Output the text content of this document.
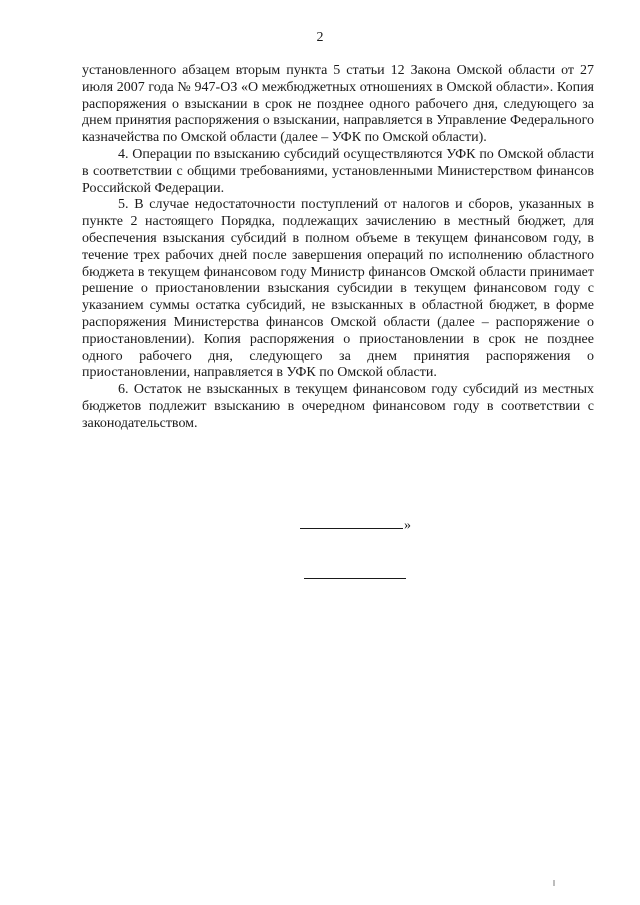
2

установленного абзацем вторым пункта 5 статьи 12 Закона Омской области от 27 июля 2007 года № 947-ОЗ «О межбюджетных отношениях в Омской области». Копия распоряжения о взыскании в срок не позднее одного рабочего дня, следующего за днем принятия распоряжения о взыскании, направляется в Управление Федерального казначейства по Омской области (далее – УФК по Омской области).

4. Операции по взысканию субсидий осуществляются УФК по Омской области в соответствии с общими требованиями, установленными Министерством финансов Российской Федерации.

5. В случае недостаточности поступлений от налогов и сборов, указанных в пункте 2 настоящего Порядка, подлежащих зачислению в местный бюджет, для обеспечения взыскания субсидий в полном объеме в текущем финансовом году, в течение трех рабочих дней после завершения операций по исполнению областного бюджета в текущем финансовом году Министр финансов Омской области принимает решение о приостановлении взыскания субсидии в текущем финансовом году с указанием суммы остатка субсидий, не взысканных в областной бюджет, в форме распоряжения Министерства финансов Омской области (далее – распоряжение о приостановлении). Копия распоряжения о приостановлении в срок не позднее одного рабочего дня, следующего за днем принятия распоряжения о приостановлении, направляется в УФК по Омской области.

6. Остаток не взысканных в текущем финансовом году субсидий из местных бюджетов подлежит взысканию в очередном финансовом году в соответствии с законодательством.

»
